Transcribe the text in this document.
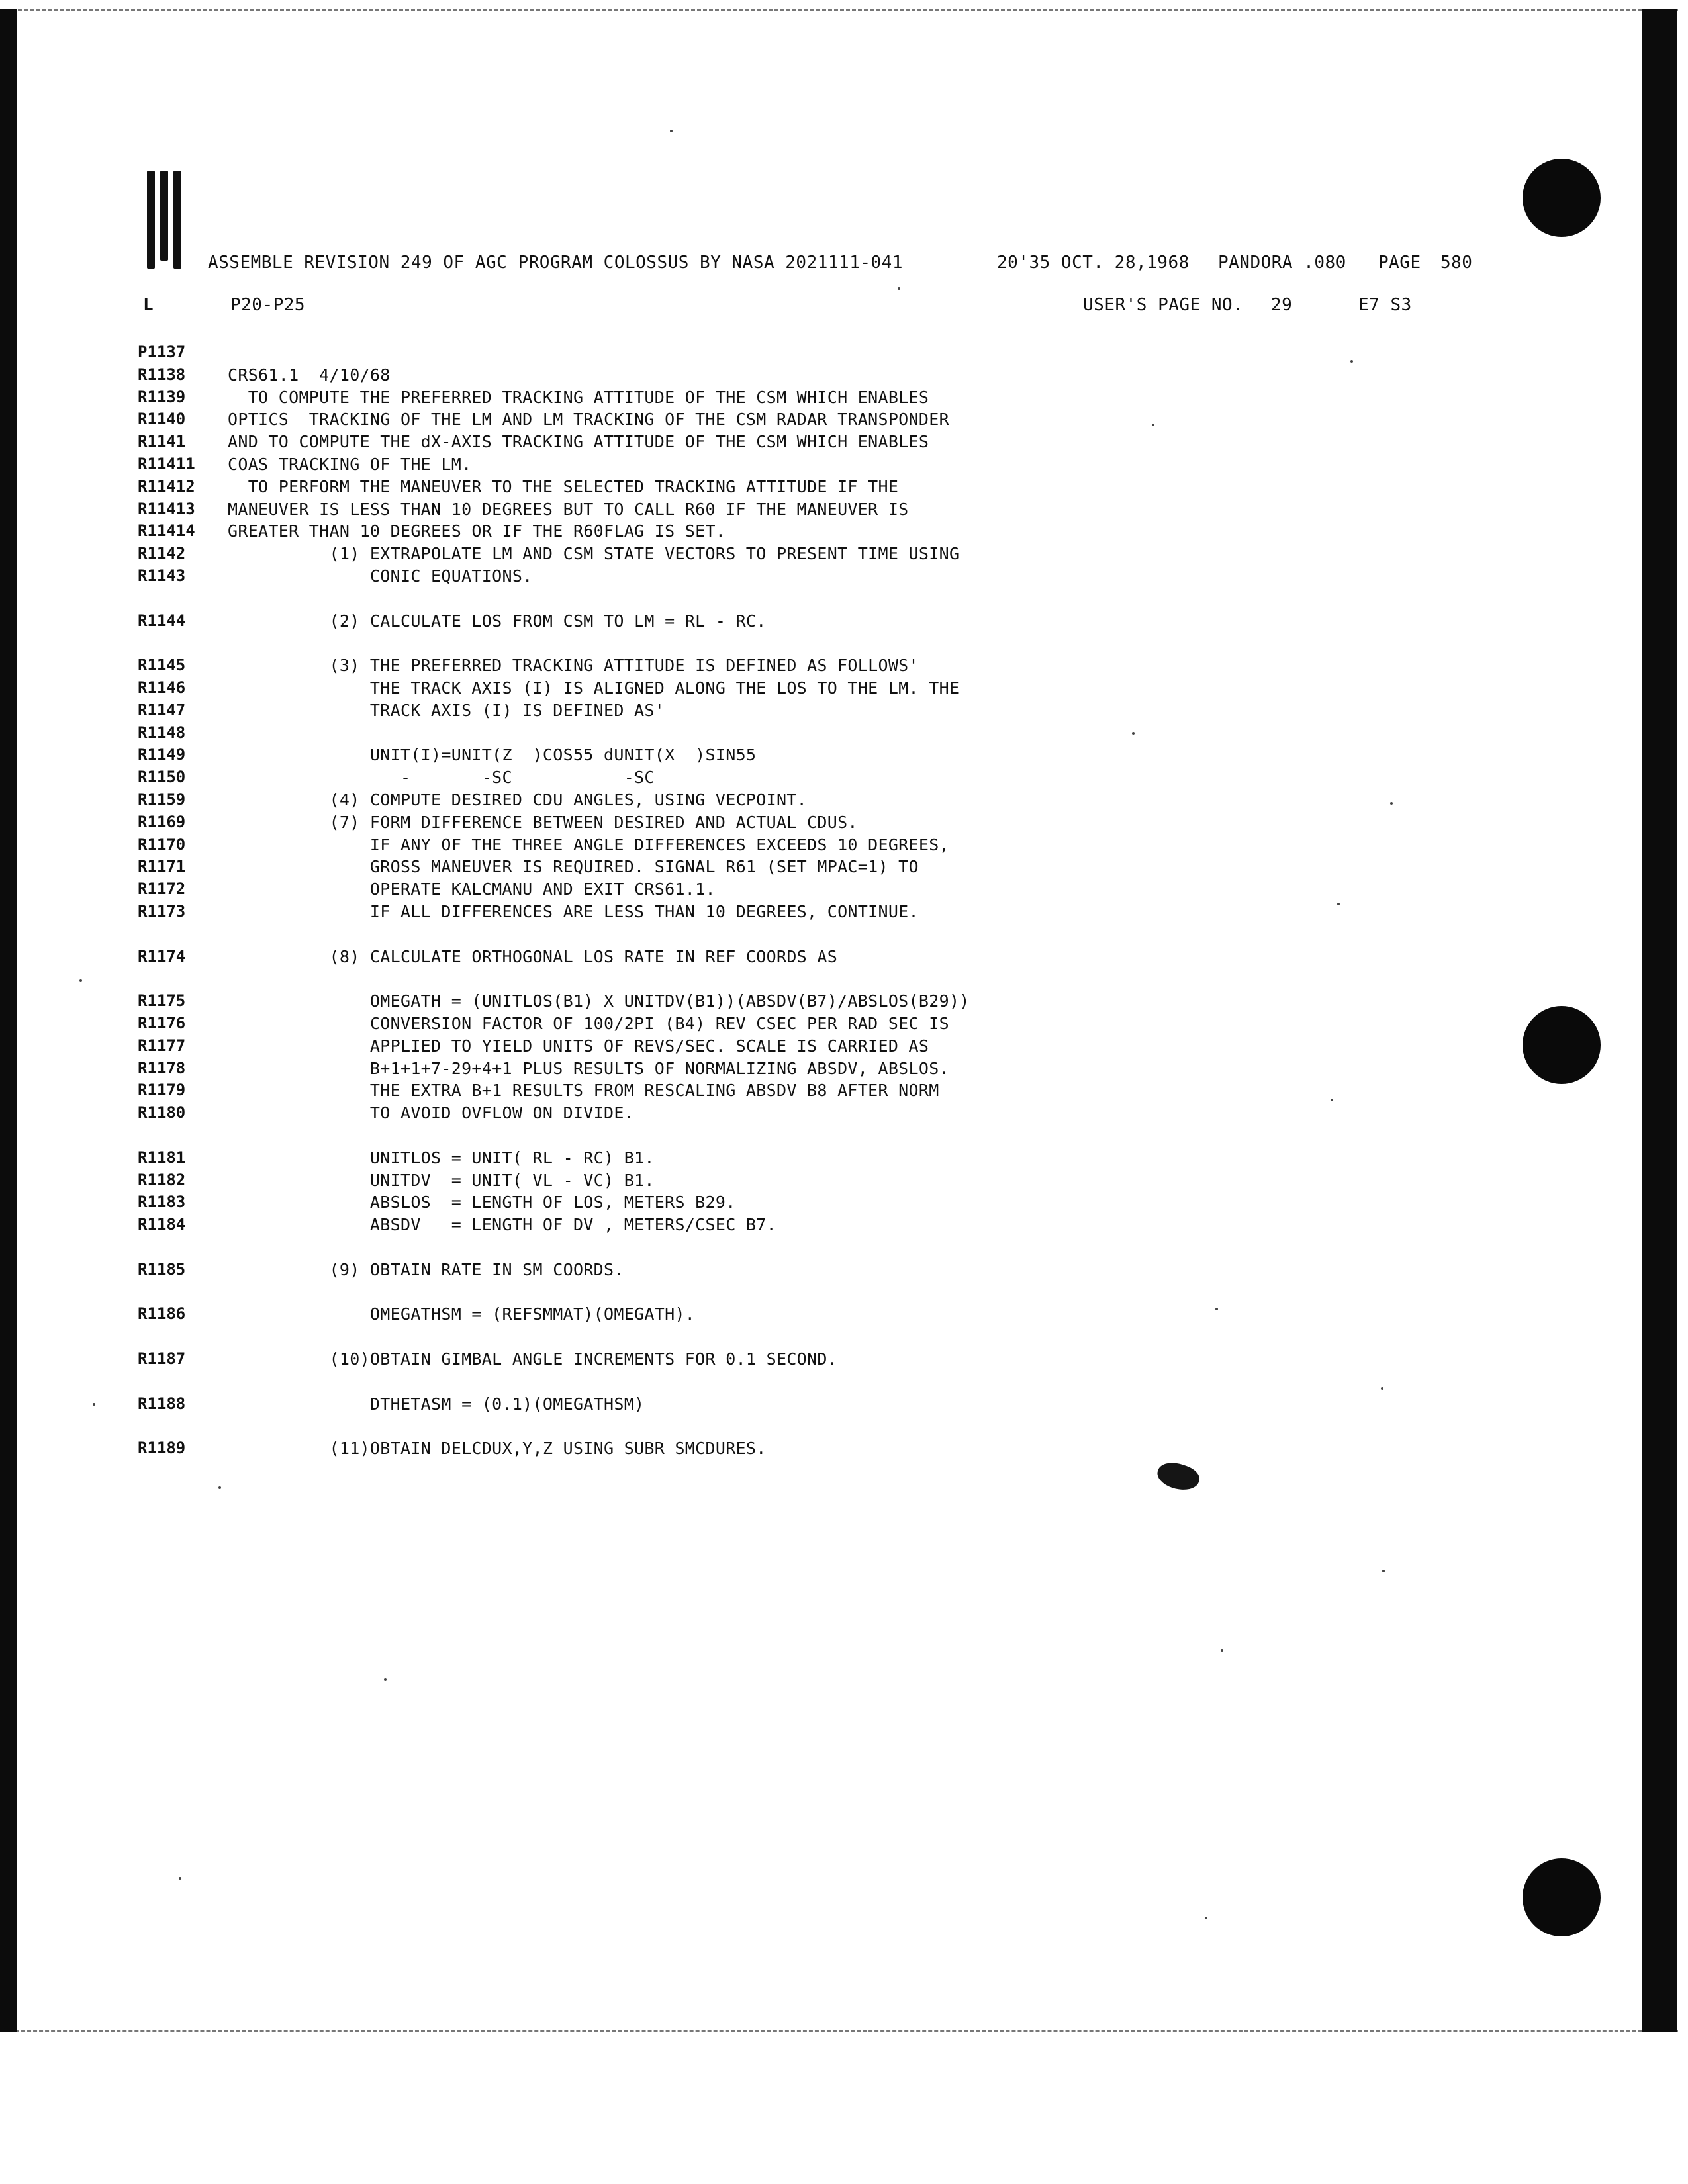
ASSEMBLE REVISION 249 OF AGC PROGRAM COLOSSUS BY NASA 2021111-041	20'35 OCT. 28,1968 PANDORA .080 PAGE 580
L	P20-P25	USER'S PAGE NO. 29	E7 S3
P1137
R1138	CRS61.1  4/10/68
R1139	TO COMPUTE THE PREFERRED TRACKING ATTITUDE OF THE CSM WHICH ENABLES
R1140	OPTICS  TRACKING OF THE LM AND LM TRACKING OF THE CSM RADAR TRANSPONDER
R1141	AND TO COMPUTE THE dX-AXIS TRACKING ATTITUDE OF THE CSM WHICH ENABLES
R11411 COAS TRACKING OF THE LM.
R11412 TO PERFORM THE MANEUVER TO THE SELECTED TRACKING ATTITUDE IF THE
R11413 MANEUVER IS LESS THAN 10 DEGREES BUT TO CALL R60 IF THE MANEUVER IS
R11414 GREATER THAN 10 DEGREES OR IF THE R60FLAG IS SET.
R1142	(1) EXTRAPOLATE LM AND CSM STATE VECTORS TO PRESENT TIME USING
R1143	CONIC EQUATIONS.
R1144	(2) CALCULATE LOS FROM CSM TO LM = RL - RC.
R1145	(3) THE PREFERRED TRACKING ATTITUDE IS DEFINED AS FOLLOWS'
R1146	THE TRACK AXIS (I) IS ALIGNED ALONG THE LOS TO THE LM. THE
R1147	TRACK AXIS (I) IS DEFINED AS'
R1148
R1149	UNIT(I)=UNIT(Z  )COS55 dUNIT(X  )SIN55
R1150	-       -SC           -SC
R1159	(4) COMPUTE DESIRED CDU ANGLES, USING VECPOINT.
R1169	(7) FORM DIFFERENCE BETWEEN DESIRED AND ACTUAL CDUS.
R1170	IF ANY OF THE THREE ANGLE DIFFERENCES EXCEEDS 10 DEGREES,
R1171	GROSS MANEUVER IS REQUIRED. SIGNAL R61 (SET MPAC=1) TO
R1172	OPERATE KALCMANU AND EXIT CRS61.1.
R1173	IF ALL DIFFERENCES ARE LESS THAN 10 DEGREES, CONTINUE.
R1174	(8) CALCULATE ORTHOGONAL LOS RATE IN REF COORDS AS
R1175	OMEGATH = (UNITLOS(B1) X UNITDV(B1))(ABSDV(B7)/ABSLOS(B29))
R1176	CONVERSION FACTOR OF 100/2PI (B4) REV CSEC PER RAD SEC IS
R1177	APPLIED TO YIELD UNITS OF REVS/SEC. SCALE IS CARRIED AS
R1178	B+1+1+7-29+4+1 PLUS RESULTS OF NORMALIZING ABSDV, ABSLOS.
R1179	THE EXTRA B+1 RESULTS FROM RESCALING ABSDV B8 AFTER NORM
R1180	TO AVOID OVFLOW ON DIVIDE.
R1181	UNITLOS = UNIT( RL - RC) B1.
R1182	UNITDV  = UNIT( VL - VC) B1.
R1183	ABSLOS  = LENGTH OF LOS, METERS B29.
R1184	ABSDV   = LENGTH OF DV , METERS/CSEC B7.
R1185	(9) OBTAIN RATE IN SM COORDS.
R1186	OMEGATHSM = (REFSMMAT)(OMEGATH).
R1187	(10)OBTAIN GIMBAL ANGLE INCREMENTS FOR 0.1 SECOND.
R1188	DTHETASM = (0.1)(OMEGATHSM)
R1189	(11)OBTAIN DELCDUX,Y,Z USING SUBR SMCDURES.
